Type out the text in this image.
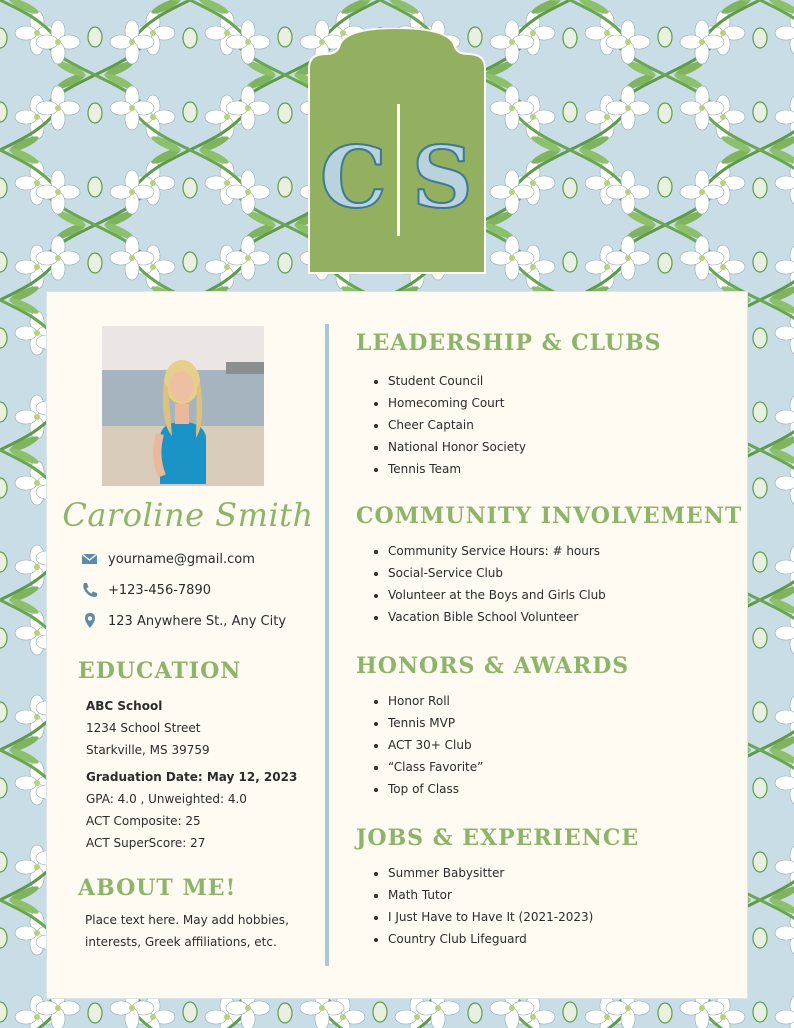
C S
Caroline Smith
yourname@gmail.com
+123-456-7890
123 Anywhere St., Any City
EDUCATION
ABC School
1234 School Street
Starkville, MS 39759
Graduation Date: May 12, 2023
GPA: 4.0 , Unweighted: 4.0
ACT Composite: 25
ACT SuperScore: 27
ABOUT ME!
Place text here. May add hobbies, interests, Greek affiliations, etc.
LEADERSHIP & CLUBS
• Student Council
• Homecoming Court
• Cheer Captain
• National Honor Society
• Tennis Team
COMMUNITY INVOLVEMENT
• Community Service Hours: # hours
• Social-Service Club
• Volunteer at the Boys and Girls Club
• Vacation Bible School Volunteer
HONORS & AWARDS
• Honor Roll
• Tennis MVP
• ACT 30+ Club
• “Class Favorite”
• Top of Class
JOBS & EXPERIENCE
• Summer Babysitter
• Math Tutor
• I Just Have to Have It (2021-2023)
• Country Club Lifeguard
